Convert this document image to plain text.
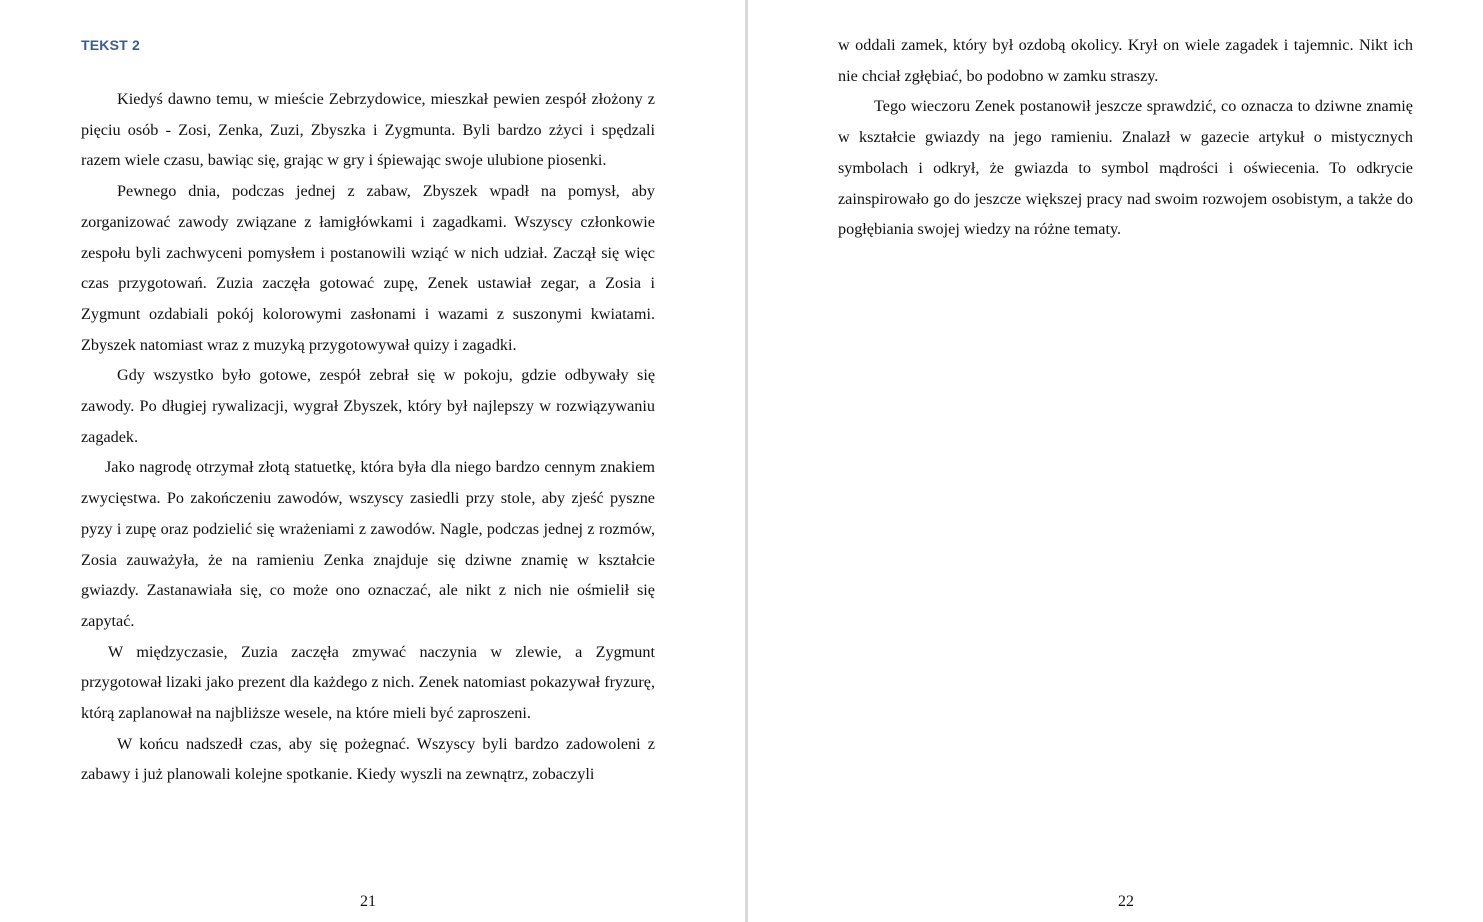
TEKST 2

Kiedyś dawno temu, w mieście Zebrzydowice, mieszkał pewien zespół złożony z pięciu osób - Zosi, Zenka, Zuzi, Zbyszka i Zygmunta. Byli bardzo zżyci i spędzali razem wiele czasu, bawiąc się, grając w gry i śpiewając swoje ulubione piosenki.

Pewnego dnia, podczas jednej z zabaw, Zbyszek wpadł na pomysł, aby zorganizować zawody związane z łamigłówkami i zagadkami. Wszyscy członkowie zespołu byli zachwyceni pomysłem i postanowili wziąć w nich udział. Zaczął się więc czas przygotowań. Zuzia zaczęła gotować zupę, Zenek ustawiał zegar, a Zosia i Zygmunt ozdabiali pokój kolorowymi zasłonami i wazami z suszonymi kwiatami. Zbyszek natomiast wraz z muzyką przygotowywał quizy i zagadki.

Gdy wszystko było gotowe, zespół zebrał się w pokoju, gdzie odbywały się zawody. Po długiej rywalizacji, wygrał Zbyszek, który był najlepszy w rozwiązywaniu zagadek.

Jako nagrodę otrzymał złotą statuetkę, która była dla niego bardzo cennym znakiem zwycięstwa. Po zakończeniu zawodów, wszyscy zasiedli przy stole, aby zjeść pyszne pyzy i zupę oraz podzielić się wrażeniami z zawodów. Nagle, podczas jednej z rozmów, Zosia zauważyła, że na ramieniu Zenka znajduje się dziwne znamię w kształcie gwiazdy. Zastanawiała się, co może ono oznaczać, ale nikt z nich nie ośmielił się zapytać.

W międzyczasie, Zuzia zaczęła zmywać naczynia w zlewie, a Zygmunt przygotował lizaki jako prezent dla każdego z nich. Zenek natomiast pokazywał fryzurę, którą zaplanował na najbliższe wesele, na które mieli być zaproszeni.

W końcu nadszedł czas, aby się pożegnać. Wszyscy byli bardzo zadowoleni z zabawy i już planowali kolejne spotkanie. Kiedy wyszli na zewnątrz, zobaczyli

21

w oddali zamek, który był ozdobą okolicy. Krył on wiele zagadek i tajemnic. Nikt ich nie chciał zgłębiać, bo podobno w zamku straszy.

Tego wieczoru Zenek postanowił jeszcze sprawdzić, co oznacza to dziwne znamię w kształcie gwiazdy na jego ramieniu. Znalazł w gazecie artykuł o mistycznych symbolach i odkrył, że gwiazda to symbol mądrości i oświecenia. To odkrycie zainspirowało go do jeszcze większej pracy nad swoim rozwojem osobistym, a także do pogłębiania swojej wiedzy na różne tematy.

22
